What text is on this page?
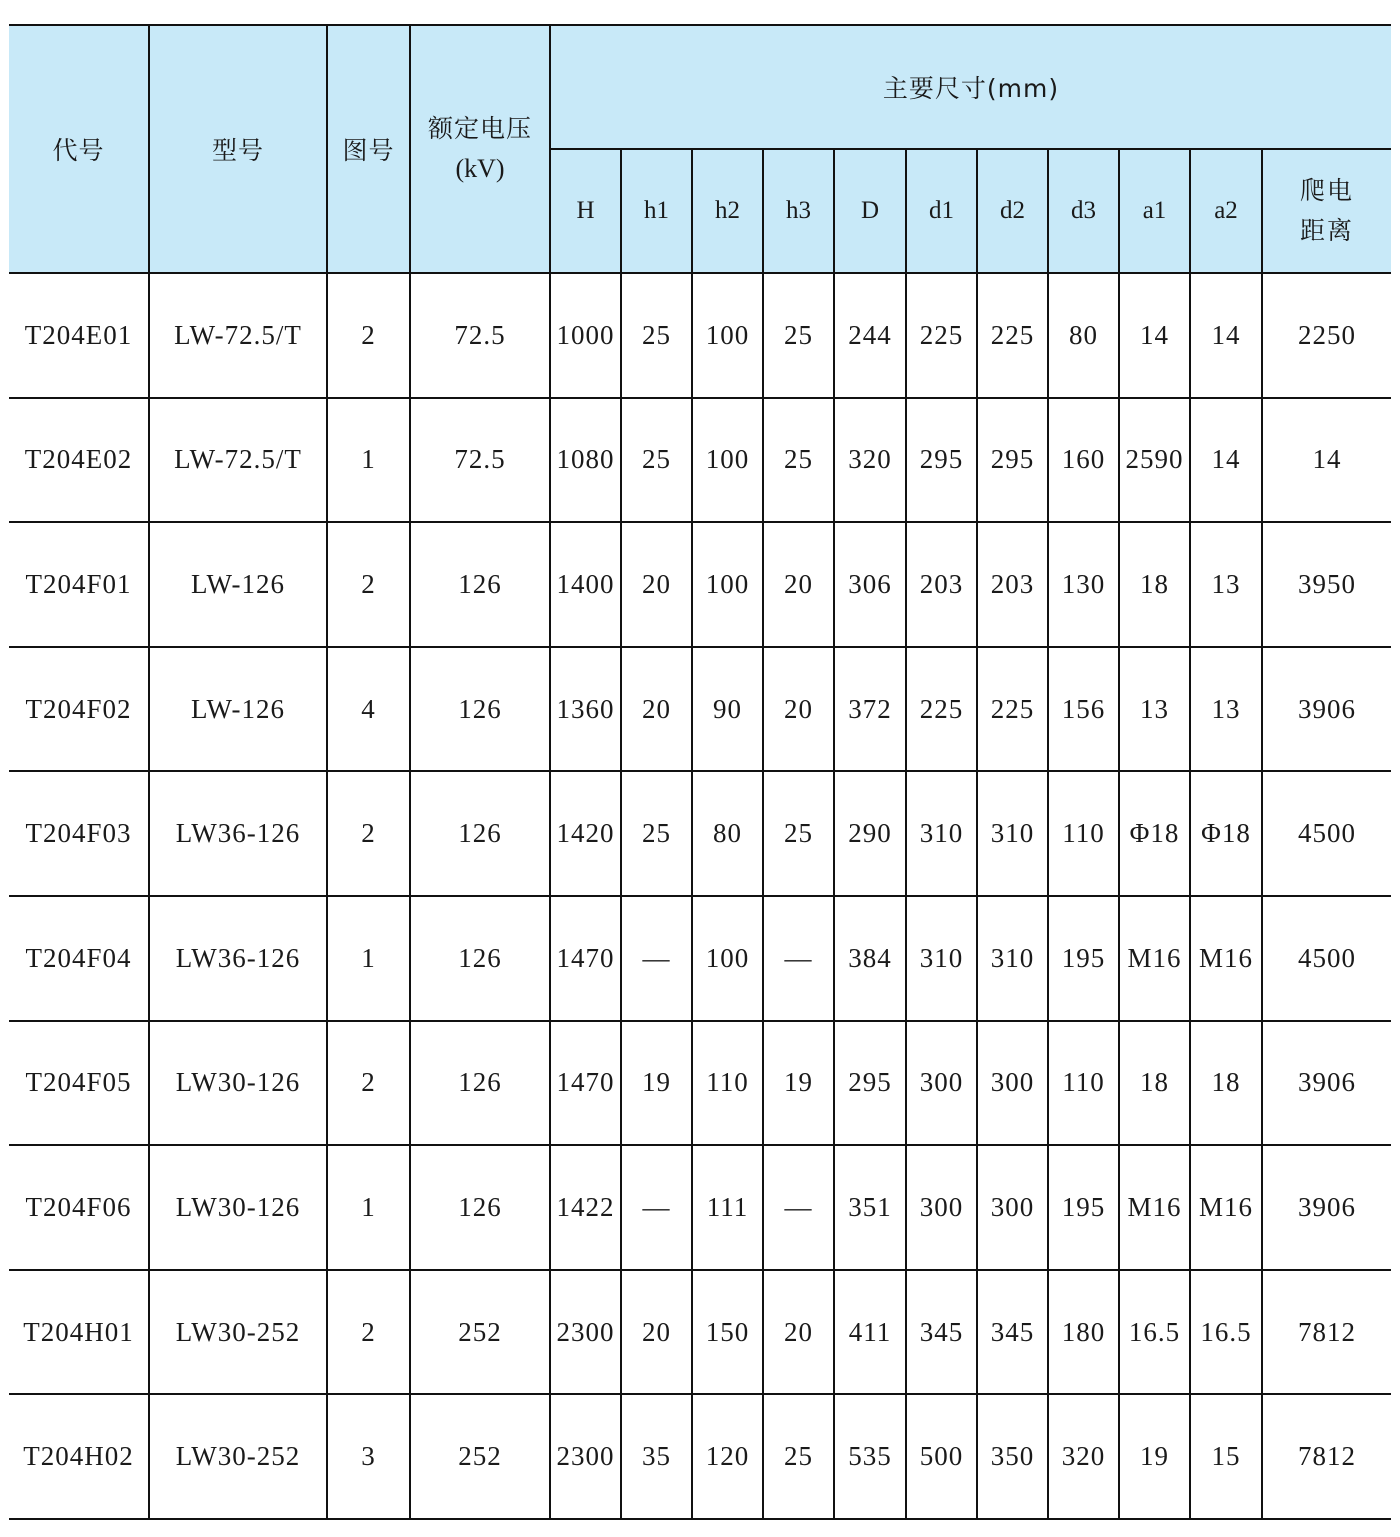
代号	型号	图号	额定电压
(kV)	主要尺寸(mm)										
				H	h1	h2	h3	D	d1	d2	d3	a1	a2	爬电
距离

T204E01	LW-72.5/T	2	72.5	1000	25	100	25	244	225	225	80	14	14	2250
T204E02	LW-72.5/T	1	72.5	1080	25	100	25	320	295	295	160	2590	14	14
T204F01	LW-126	2	126	1400	20	100	20	306	203	203	130	18	13	3950
T204F02	LW-126	4	126	1360	20	90	20	372	225	225	156	13	13	3906
T204F03	LW36-126	2	126	1420	25	80	25	290	310	310	110	Φ18	Φ18	4500
T204F04	LW36-126	1	126	1470	—	100	—	384	310	310	195	M16	M16	4500
T204F05	LW30-126	2	126	1470	19	110	19	295	300	300	110	18	18	3906
T204F06	LW30-126	1	126	1422	—	111	—	351	300	300	195	M16	M16	3906
T204H01	LW30-252	2	252	2300	20	150	20	411	345	345	180	16.5	16.5	7812
T204H02	LW30-252	3	252	2300	35	120	25	535	500	350	320	19	15	7812
